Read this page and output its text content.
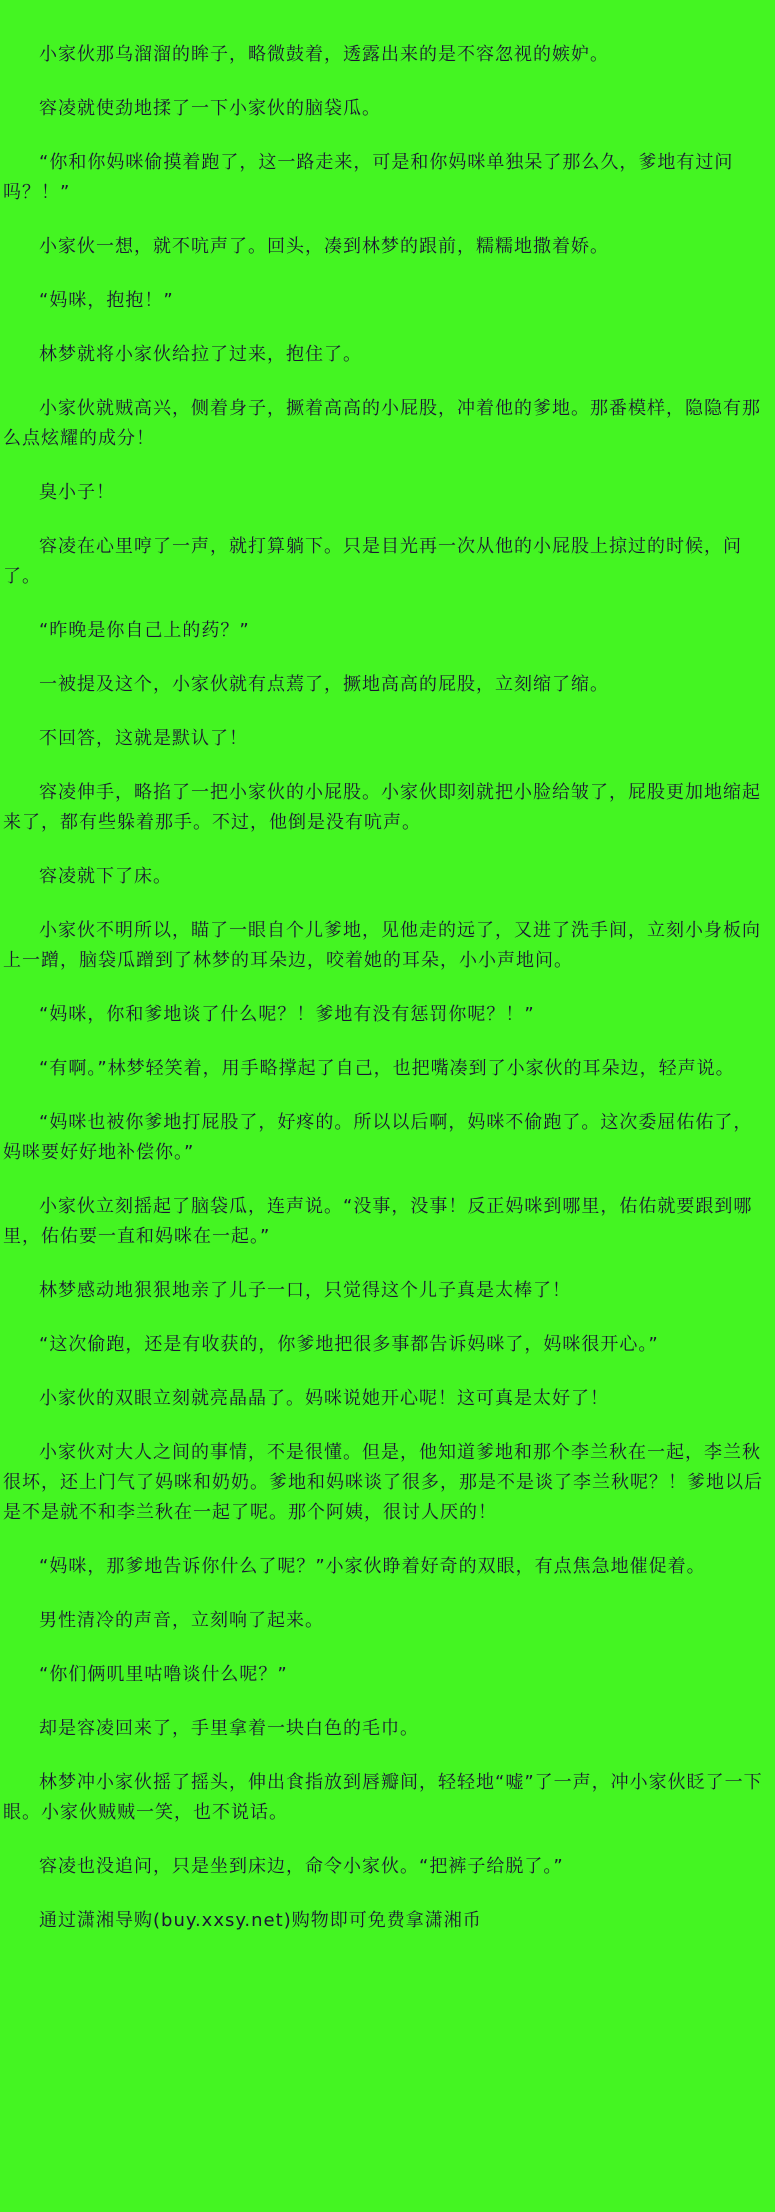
小家伙那乌溜溜的眸子，略微鼓着，透露出来的是不容忽视的嫉妒。

容凌就使劲地揉了一下小家伙的脑袋瓜。

“你和你妈咪偷摸着跑了，这一路走来，可是和你妈咪单独呆了那么久，爹地有过问吗？！”

小家伙一想，就不吭声了。回头，凑到林梦的跟前，糯糯地撒着娇。

“妈咪，抱抱！”

林梦就将小家伙给拉了过来，抱住了。

小家伙就贼高兴，侧着身子，撅着高高的小屁股，冲着他的爹地。那番模样，隐隐有那么点炫耀的成分！

臭小子！

容凌在心里哼了一声，就打算躺下。只是目光再一次从他的小屁股上掠过的时候，问了。

“昨晚是你自己上的药？”

一被提及这个，小家伙就有点蔫了，撅地高高的屁股，立刻缩了缩。

不回答，这就是默认了！

容凌伸手，略掐了一把小家伙的小屁股。小家伙即刻就把小脸给皱了，屁股更加地缩起来了，都有些躲着那手。不过，他倒是没有吭声。

容凌就下了床。

小家伙不明所以，瞄了一眼自个儿爹地，见他走的远了，又进了洗手间，立刻小身板向上一蹭，脑袋瓜蹭到了林梦的耳朵边，咬着她的耳朵，小小声地问。

“妈咪，你和爹地谈了什么呢？！爹地有没有惩罚你呢？！”

“有啊。”林梦轻笑着，用手略撑起了自己，也把嘴凑到了小家伙的耳朵边，轻声说。

“妈咪也被你爹地打屁股了，好疼的。所以以后啊，妈咪不偷跑了。这次委屈佑佑了，妈咪要好好地补偿你。”

小家伙立刻摇起了脑袋瓜，连声说。“没事，没事！反正妈咪到哪里，佑佑就要跟到哪里，佑佑要一直和妈咪在一起。”

林梦感动地狠狠地亲了儿子一口，只觉得这个儿子真是太棒了！

“这次偷跑，还是有收获的，你爹地把很多事都告诉妈咪了，妈咪很开心。”

小家伙的双眼立刻就亮晶晶了。妈咪说她开心呢！这可真是太好了！

小家伙对大人之间的事情，不是很懂。但是，他知道爹地和那个李兰秋在一起，李兰秋很坏，还上门气了妈咪和奶奶。爹地和妈咪谈了很多，那是不是谈了李兰秋呢？！爹地以后是不是就不和李兰秋在一起了呢。那个阿姨，很讨人厌的！

“妈咪，那爹地告诉你什么了呢？”小家伙睁着好奇的双眼，有点焦急地催促着。

男性清冷的声音，立刻响了起来。

“你们俩叽里咕噜谈什么呢？”

却是容凌回来了，手里拿着一块白色的毛巾。

林梦冲小家伙摇了摇头，伸出食指放到唇瓣间，轻轻地“嘘”了一声，冲小家伙眨了一下眼。小家伙贼贼一笑，也不说话。

容凌也没追问，只是坐到床边，命令小家伙。“把裤子给脱了。”

通过潇湘导购(buy.xxsy.net)购物即可免费拿潇湘币
